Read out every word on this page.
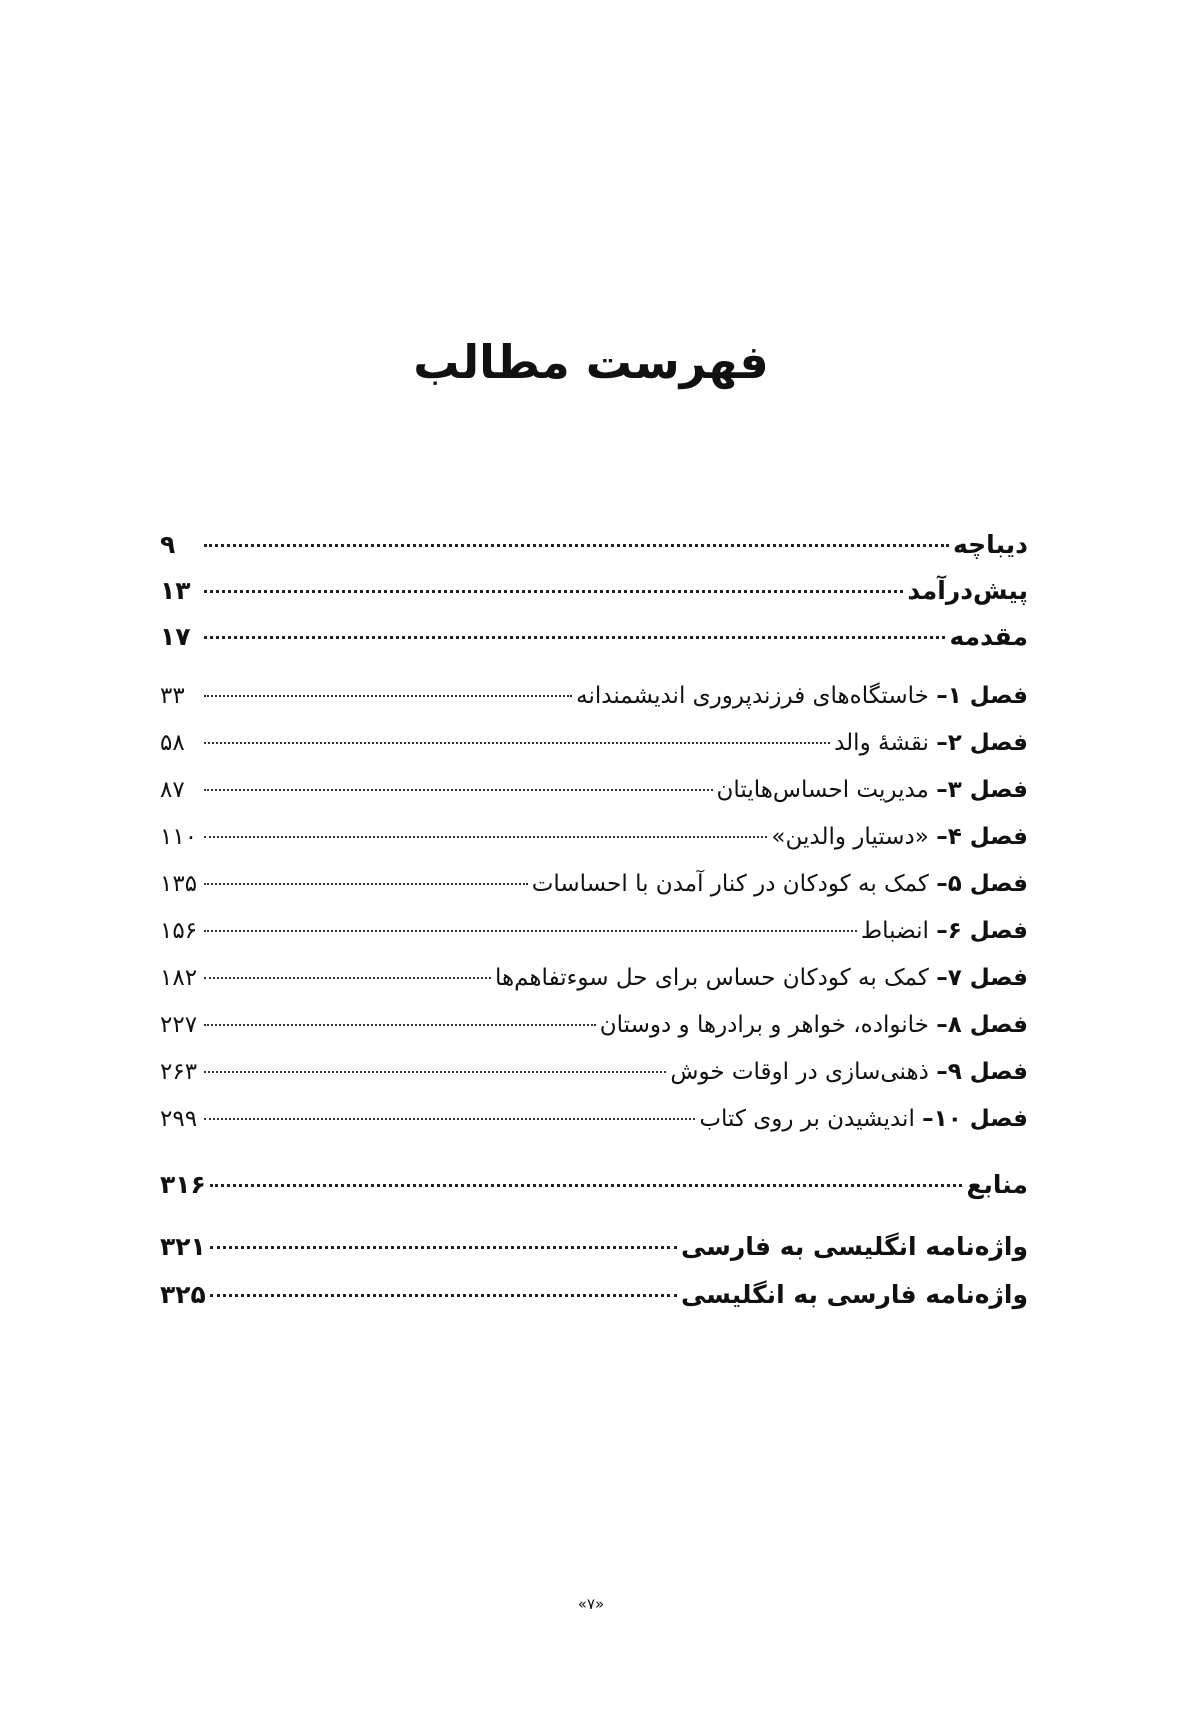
فهرست مطالب
دیباچه
۹
پیش‌درآمد
۱۳
مقدمه
۱۷
فصل ۱– خاستگاه‌های فرزندپروری اندیشمندانه
۳۳
فصل ۲– نقشهٔ والد
۵۸
فصل ۳– مدیریت احساس‌هایتان
۸۷
فصل ۴– «دستیار والدین»
۱۱۰
فصل ۵– کمک به کودکان در کنار آمدن با احساسات
۱۳۵
فصل ۶– انضباط
۱۵۶
فصل ۷– کمک به کودکان حساس برای حل سوءتفاهم‌ها
۱۸۲
فصل ۸– خانواده، خواهر و برادرها و دوستان
۲۲۷
فصل ۹– ذهنی‌سازی در اوقات خوش
۲۶۳
فصل ۱۰– اندیشیدن بر روی کتاب
۲۹۹
منابع
۳۱۶
واژه‌نامه انگلیسی به فارسی
۳۲۱
واژه‌نامه فارسی به انگلیسی
۳۲۵
«۷»
